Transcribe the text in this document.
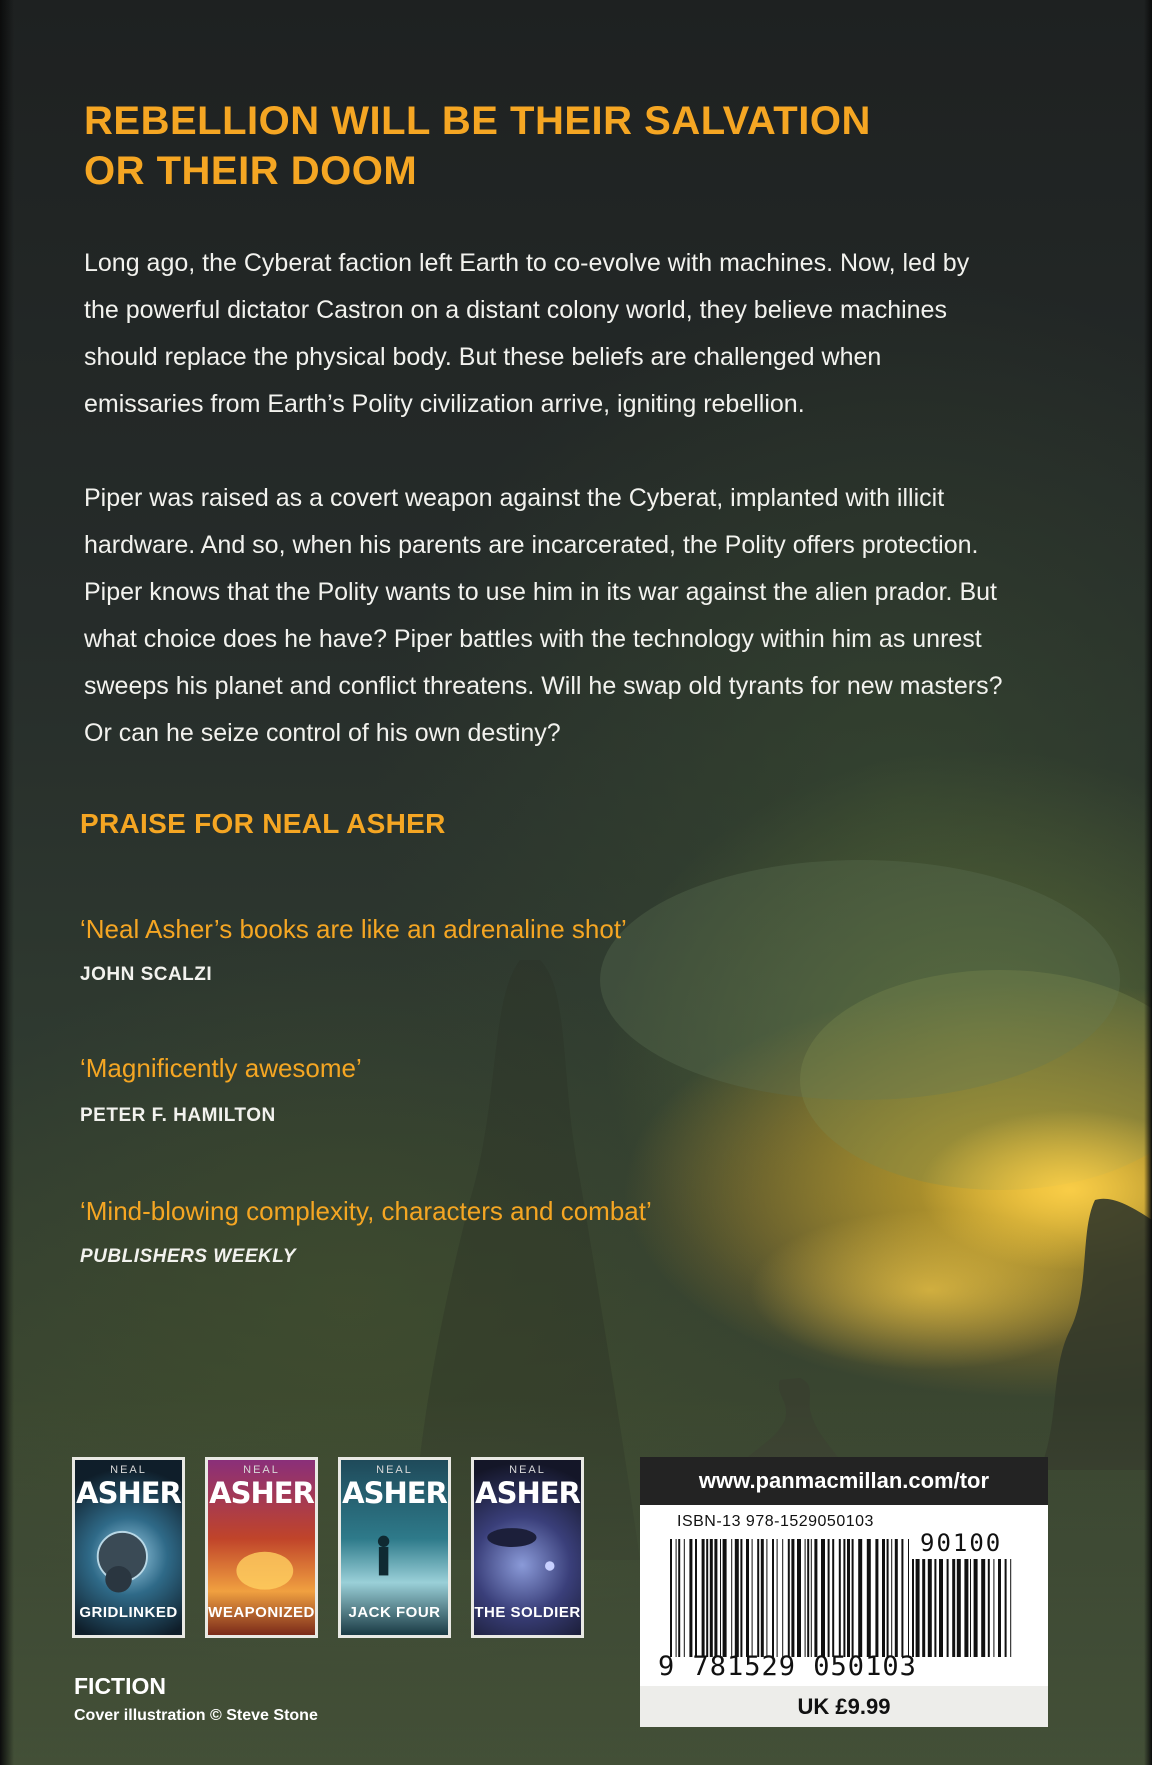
REBELLION WILL BE THEIR SALVATION
OR THEIR DOOM

Long ago, the Cyberat faction left Earth to co-evolve with machines. Now, led by the powerful dictator Castron on a distant colony world, they believe machines should replace the physical body. But these beliefs are challenged when emissaries from Earth’s Polity civilization arrive, igniting rebellion.

Piper was raised as a covert weapon against the Cyberat, implanted with illicit hardware. And so, when his parents are incarcerated, the Polity offers protection. Piper knows that the Polity wants to use him in its war against the alien prador. But what choice does he have? Piper battles with the technology within him as unrest sweeps his planet and conflict threatens. Will he swap old tyrants for new masters? Or can he seize control of his own destiny?

PRAISE FOR NEAL ASHER

‘Neal Asher’s books are like an adrenaline shot’

JOHN SCALZI

‘Magnificently awesome’

PETER F. HAMILTON

‘Mind-blowing complexity, characters and combat’

PUBLISHERS WEEKLY

NEAL
ASHER
GRIDLINKED
NEAL
ASHER
WEAPONIZED
NEAL
ASHER
JACK FOUR
NEAL
ASHER
THE SOLDIER

FICTION

Cover illustration © Steve Stone

www.panmacmillan.com/tor
ISBN-13 978-1529050103
90100
9 781529 050103
UK £9.99
